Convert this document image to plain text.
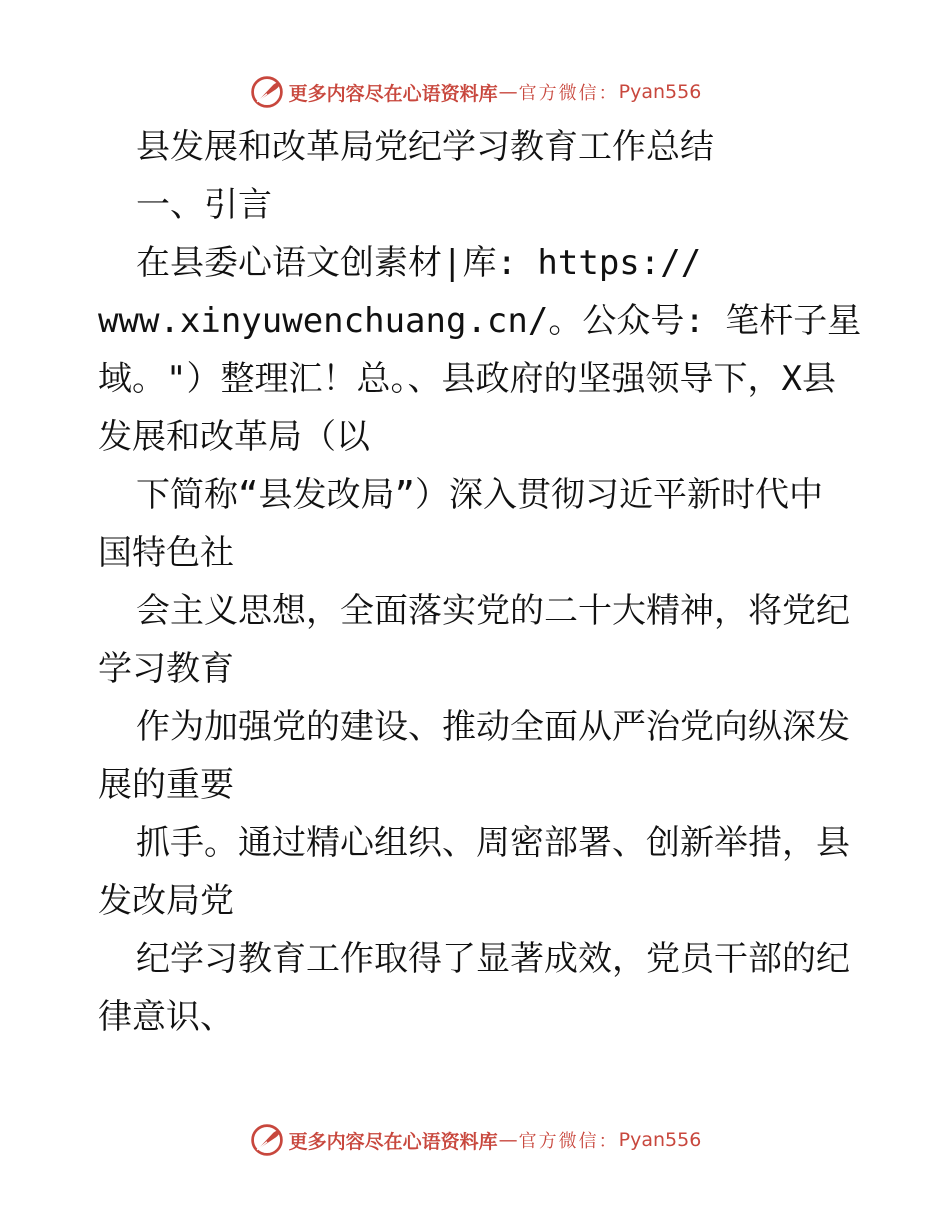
更多内容尽在心语资料库 — 官方微信： Pyan556

县发展和改革局党纪学习教育工作总结

一、引言

在县委心语文创素材|库: https://

www.xinyuwenchuang.cn/。公众号: 笔杆子星

域。"）整理汇！总。、县政府的坚强领导下，X县

发展和改革局（以

下简称“县发改局”）深入贯彻习近平新时代中

国特色社

会主义思想，全面落实党的二十大精神，将党纪

学习教育

作为加强党的建设、推动全面从严治党向纵深发

展的重要

抓手。通过精心组织、周密部署、创新举措，县

发改局党

纪学习教育工作取得了显著成效，党员干部的纪

律意识、

更多内容尽在心语资料库 — 官方微信： Pyan556
